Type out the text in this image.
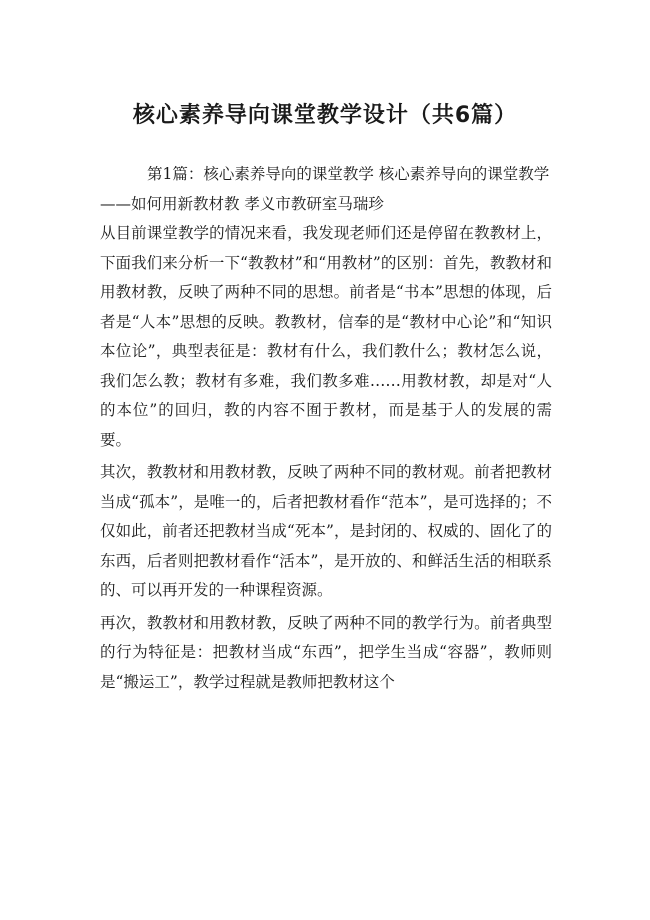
核心素养导向课堂教学设计（共6篇）

第1篇：核心素养导向的课堂教学 核心素养导向的课堂教学

——如何用新教材教 孝义市教研室马瑞珍

从目前课堂教学的情况来看，我发现老师们还是停留在教教材上，下面我们来分析一下“教教材”和“用教材”的区别：首先，教教材和用教材教，反映了两种不同的思想。前者是“书本”思想的体现，后者是“人本”思想的反映。教教材，信奉的是“教材中心论”和“知识本位论”，典型表征是：教材有什么，我们教什么；教材怎么说，我们怎么教；教材有多难，我们教多难……用教材教，却是对“人的本位”的回归，教的内容不囿于教材，而是基于人的发展的需要。

其次，教教材和用教材教，反映了两种不同的教材观。前者把教材当成“孤本”，是唯一的，后者把教材看作“范本”，是可选择的；不仅如此，前者还把教材当成“死本”，是封闭的、权威的、固化了的东西，后者则把教材看作“活本”，是开放的、和鲜活生活的相联系的、可以再开发的一种课程资源。

再次，教教材和用教材教，反映了两种不同的教学行为。前者典型的行为特征是：把教材当成“东西”，把学生当成“容器”，教师则是“搬运工”，教学过程就是教师把教材这个
